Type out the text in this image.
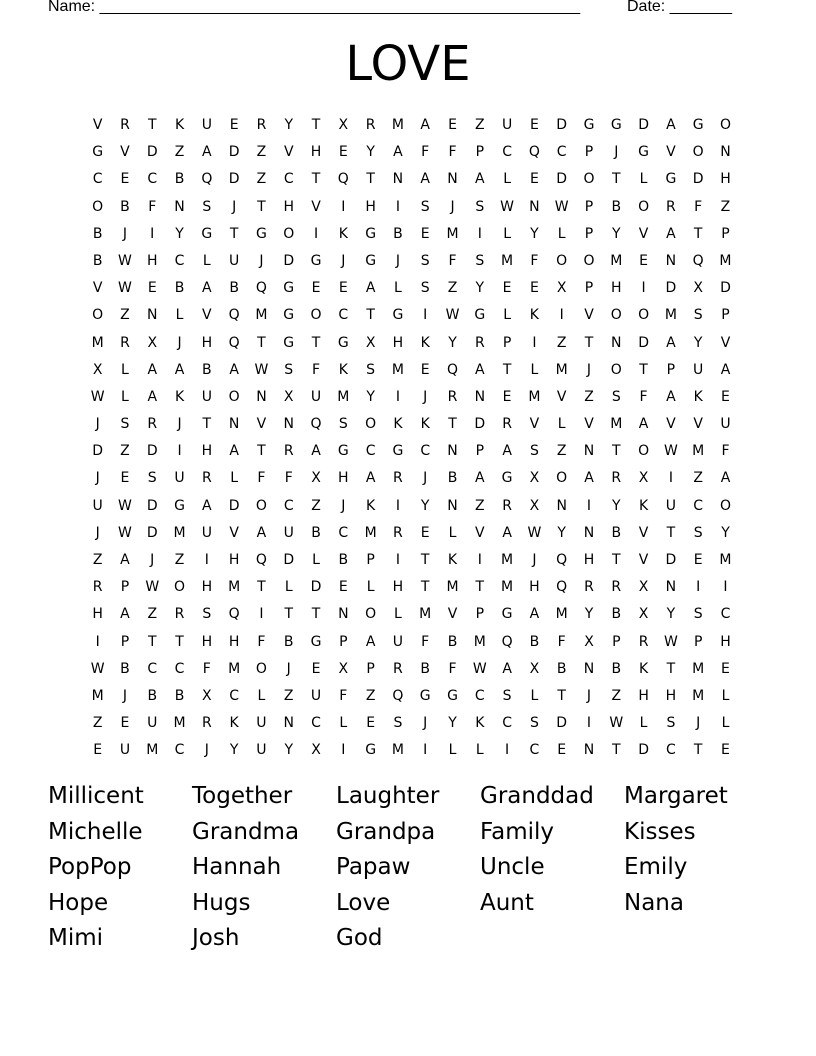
Name: ______________________________________________________	Date: _______
LOVE
V	R	T	K	U	E	R	Y	T	X	R	M	A	E	Z	U	E	D	G	G	D	A	G	O
G	V	D	Z	A	D	Z	V	H	E	Y	A	F	F	P	C	Q	C	P	J	G	V	O	N
C	E	C	B	Q	D	Z	C	T	Q	T	N	A	N	A	L	E	D	O	T	L	G	D	H
O	B	F	N	S	J	T	H	V	I	H	I	S	J	S	W	N	W	P	B	O	R	F	Z
B	J	I	Y	G	T	G	O	I	K	G	B	E	M	I	L	Y	L	P	Y	V	A	T	P
B	W	H	C	L	U	J	D	G	J	G	J	S	F	S	M	F	O	O	M	E	N	Q	M
V	W	E	B	A	B	Q	G	E	E	A	L	S	Z	Y	E	E	X	P	H	I	D	X	D
O	Z	N	L	V	Q	M	G	O	C	T	G	I	W	G	L	K	I	V	O	O	M	S	P
M	R	X	J	H	Q	T	G	T	G	X	H	K	Y	R	P	I	Z	T	N	D	A	Y	V
X	L	A	A	B	A	W	S	F	K	S	M	E	Q	A	T	L	M	J	O	T	P	U	A
W	L	A	K	U	O	N	X	U	M	Y	I	J	R	N	E	M	V	Z	S	F	A	K	E
J	S	R	J	T	N	V	N	Q	S	O	K	K	T	D	R	V	L	V	M	A	V	V	U
D	Z	D	I	H	A	T	R	A	G	C	G	C	N	P	A	S	Z	N	T	O	W	M	F
J	E	S	U	R	L	F	F	X	H	A	R	J	B	A	G	X	O	A	R	X	I	Z	A
U	W	D	G	A	D	O	C	Z	J	K	I	Y	N	Z	R	X	N	I	Y	K	U	C	O
J	W	D	M	U	V	A	U	B	C	M	R	E	L	V	A	W	Y	N	B	V	T	S	Y
Z	A	J	Z	I	H	Q	D	L	B	P	I	T	K	I	M	J	Q	H	T	V	D	E	M
R	P	W	O	H	M	T	L	D	E	L	H	T	M	T	M	H	Q	R	R	X	N	I	I
H	A	Z	R	S	Q	I	T	T	N	O	L	M	V	P	G	A	M	Y	B	X	Y	S	C
I	P	T	T	H	H	F	B	G	P	A	U	F	B	M	Q	B	F	X	P	R	W	P	H
W	B	C	C	F	M	O	J	E	X	P	R	B	F	W	A	X	B	N	B	K	T	M	E
M	J	B	B	X	C	L	Z	U	F	Z	Q	G	G	C	S	L	T	J	Z	H	H	M	L
Z	E	U	M	R	K	U	N	C	L	E	S	J	Y	K	C	S	D	I	W	L	S	J	L
E	U	M	C	J	Y	U	Y	X	I	G	M	I	L	L	I	C	E	N	T	D	C	T	E
Millicent	Together	Laughter	Granddad	Margaret
Michelle	Grandma	Grandpa	Family	Kisses
PopPop	Hannah	Papaw	Uncle	Emily
Hope	Hugs	Love	Aunt	Nana
Mimi	Josh	God
